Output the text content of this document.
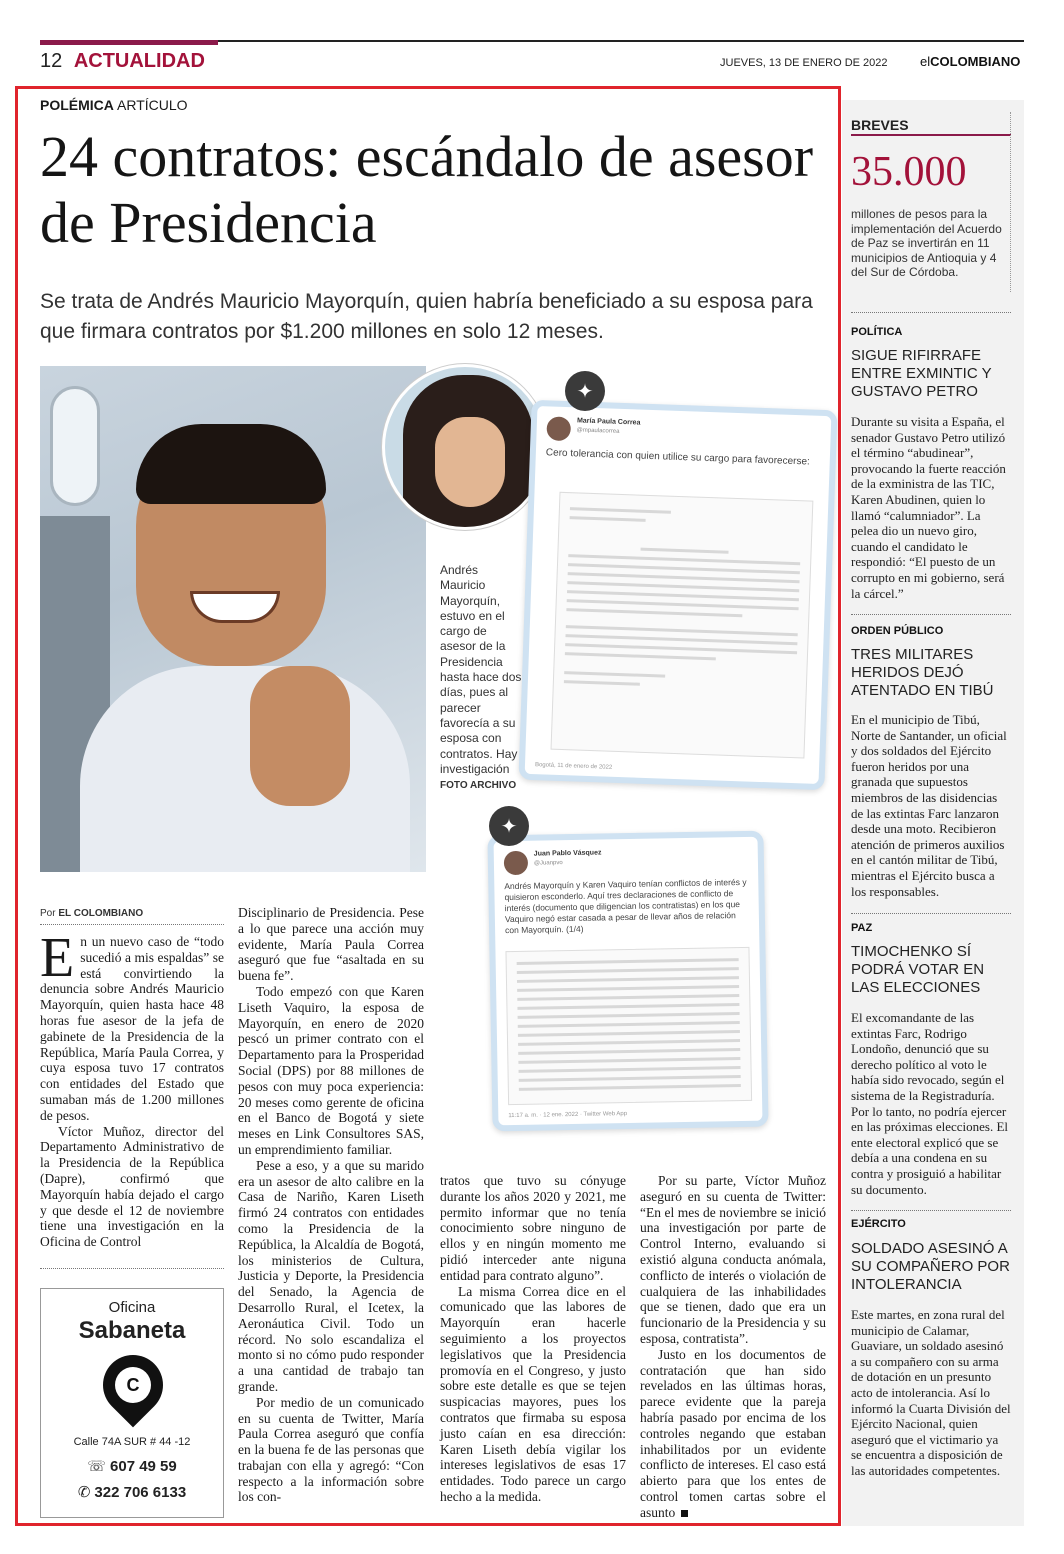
12 ACTUALIDAD	JUEVES, 13 DE ENERO DE 2022 elCOLOMBIANO
POLÉMICA ARTÍCULO
24 contratos: escándalo de asesor de Presidencia
Se trata de Andrés Mauricio Mayorquín, quien habría beneficiado a su esposa para que firmara contratos por $1.200 millones en solo 12 meses.
María Paula Correa
@mpaulacorrea
Cero tolerancia con quien utilice su cargo para favorecerse:
Bogotá, 11 de enero de 2022
✦
Juan Pablo Vásquez
@Juanpvo
Andrés Mayorquín y Karen Vaquiro tenían conflictos de interés y quisieron esconderlo. Aquí tres declaraciones de conflicto de interés (documento que diligencian los contratistas) en los que Vaquiro negó estar casada a pesar de llevar años de relación con Mayorquín. (1/4)
11:17 a. m. · 12 ene. 2022 · Twitter Web App
✦
Andrés Mauricio Mayorquín, estuvo en el cargo de asesor de la Presidencia hasta hace dos días, pues al parecer favorecía a su esposa con contratos. Hay investigación FOTO ARCHIVO
Por EL COLOMBIANO

En un nuevo caso de “todo sucedió a mis espaldas” se está convirtiendo la denuncia sobre Andrés Mauricio Mayorquín, quien hasta hace 48 horas fue asesor de la jefa de gabinete de la Presidencia de la República, María Paula Correa, y cuya esposa tuvo 17 contratos con entidades del Estado que sumaban más de 1.200 millones de pesos.

Víctor Muñoz, director del Departamento Administrativo de la Presidencia de la República (Dapre), confirmó que Mayorquín había dejado el cargo y que desde el 12 de noviembre tiene una investigación en la Oficina de Control

Disciplinario de Presidencia. Pese a lo que parece una acción muy evidente, María Paula Correa aseguró que fue “asaltada en su buena fe”.

Todo empezó con que Karen Liseth Vaquiro, la esposa de Mayorquín, en enero de 2020 pescó un primer contrato con el Departamento para la Prosperidad Social (DPS) por 88 millones de pesos con muy poca experiencia: 20 meses como gerente de oficina en el Banco de Bogotá y siete meses en Link Consultores SAS, un emprendimiento familiar.

Pese a eso, y a que su marido era un asesor de alto calibre en la Casa de Nariño, Karen Liseth firmó 24 contratos con entidades como la Presidencia de la República, la Alcaldía de Bogotá, los ministerios de Cultura, Justicia y Deporte, la Presidencia del Senado, la Agencia de Desarrollo Rural, el Icetex, la Aeronáutica Civil. Todo un récord. No solo escandaliza el monto si no cómo pudo responder a una cantidad de trabajo tan grande.

Por medio de un comunicado en su cuenta de Twitter, María Paula Correa aseguró que confía en la buena fe de las personas que trabajan con ella y agregó: “Con respecto a la información sobre los con-

tratos que tuvo su cónyuge durante los años 2020 y 2021, me permito informar que no tenía conocimiento sobre ninguno de ellos y en ningún momento me pidió interceder ante niguna entidad para contrato alguno”.

La misma Correa dice en el comunicado que las labores de Mayorquín eran hacerle seguimiento a los proyectos legislativos que la Presidencia promovía en el Congreso, y justo sobre este detalle es que se tejen suspicacias mayores, pues los contratos que firmaba su esposa justo caían en esa dirección: Karen Liseth debía vigilar los intereses legislativos de esas 17 entidades. Todo parece un cargo hecho a la medida.

Por su parte, Víctor Muñoz aseguró en su cuenta de Twitter: “En el mes de noviembre se inició una investigación por parte de Control Interno, evaluando si existió alguna conducta anómala, conflicto de interés o violación de cualquiera de las inhabilidades que se tienen, dado que era un funcionario de la Presidencia y su esposa, contratista”.

Justo en los documentos de contratación que han sido revelados en las últimas horas, parece evidente que la pareja habría pasado por encima de los controles negando que estaban inhabilitados por un evidente conflicto de intereses. El caso está abierto para que los entes de control tomen cartas sobre el asunto

Oficina
Sabaneta
C
Calle 74A SUR # 44 -12
☏ 607 49 59
✆ 322 706 6133
BREVES
35.000
millones de pesos para la implementación del Acuerdo de Paz se invertirán en 11 municipios de Antioquia y 4 del Sur de Córdoba.
POLÍTICA
SIGUE RIFIRRAFE ENTRE EXMINTIC Y GUSTAVO PETRO
Durante su visita a España, el senador Gustavo Petro utilizó el término “abudinear”, provocando la fuerte reacción de la exministra de las TIC, Karen Abudinen, quien lo llamó “calumniador”. La pelea dio un nuevo giro, cuando el candidato le respondió: “El puesto de un corrupto en mi gobierno, será la cárcel.”
ORDEN PÚBLICO
TRES MILITARES HERIDOS DEJÓ ATENTADO EN TIBÚ
En el municipio de Tibú, Norte de Santander, un oficial y dos soldados del Ejército fueron heridos por una granada que supuestos miembros de las disidencias de las extintas Farc lanzaron desde una moto. Recibieron atención de primeros auxilios en el cantón militar de Tibú, mientras el Ejército busca a los responsables.
PAZ
TIMOCHENKO SÍ PODRÁ VOTAR EN LAS ELECCIONES
El excomandante de las extintas Farc, Rodrigo Londoño, denunció que su derecho político al voto le había sido revocado, según el sistema de la Registraduría. Por lo tanto, no podría ejercer en las próximas elecciones. El ente electoral explicó que se debía a una condena en su contra y prosiguió a habilitar su documento.
EJÉRCITO
SOLDADO ASESINÓ A SU COMPAÑERO POR INTOLERANCIA
Este martes, en zona rural del municipio de Calamar, Guaviare, un soldado asesinó a su compañero con su arma de dotación en un presunto acto de intolerancia. Así lo informó la Cuarta División del Ejército Nacional, quien aseguró que el victimario ya se encuentra a disposición de las autoridades competentes.
